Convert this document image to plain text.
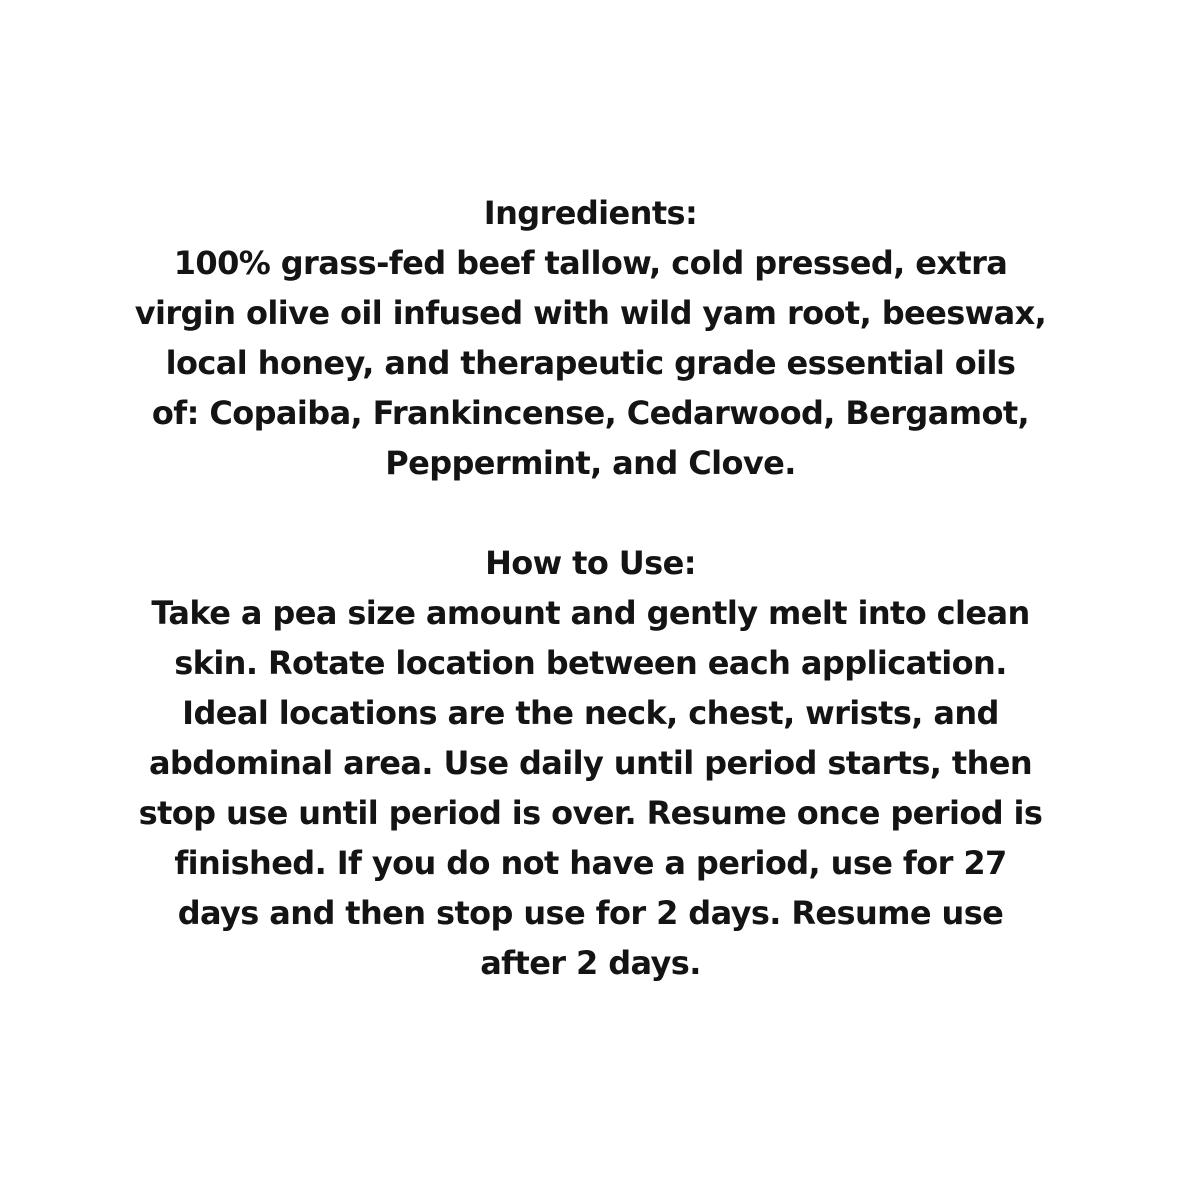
Ingredients:
100% grass-fed beef tallow, cold pressed, extra
virgin olive oil infused with wild yam root, beeswax,
local honey, and therapeutic grade essential oils
of: Copaiba, Frankincense, Cedarwood, Bergamot,
Peppermint, and Clove.
How to Use:
Take a pea size amount and gently melt into clean
skin. Rotate location between each application.
Ideal locations are the neck, chest, wrists, and
abdominal area. Use daily until period starts, then
stop use until period is over. Resume once period is
finished. If you do not have a period, use for 27
days and then stop use for 2 days. Resume use
after 2 days.
